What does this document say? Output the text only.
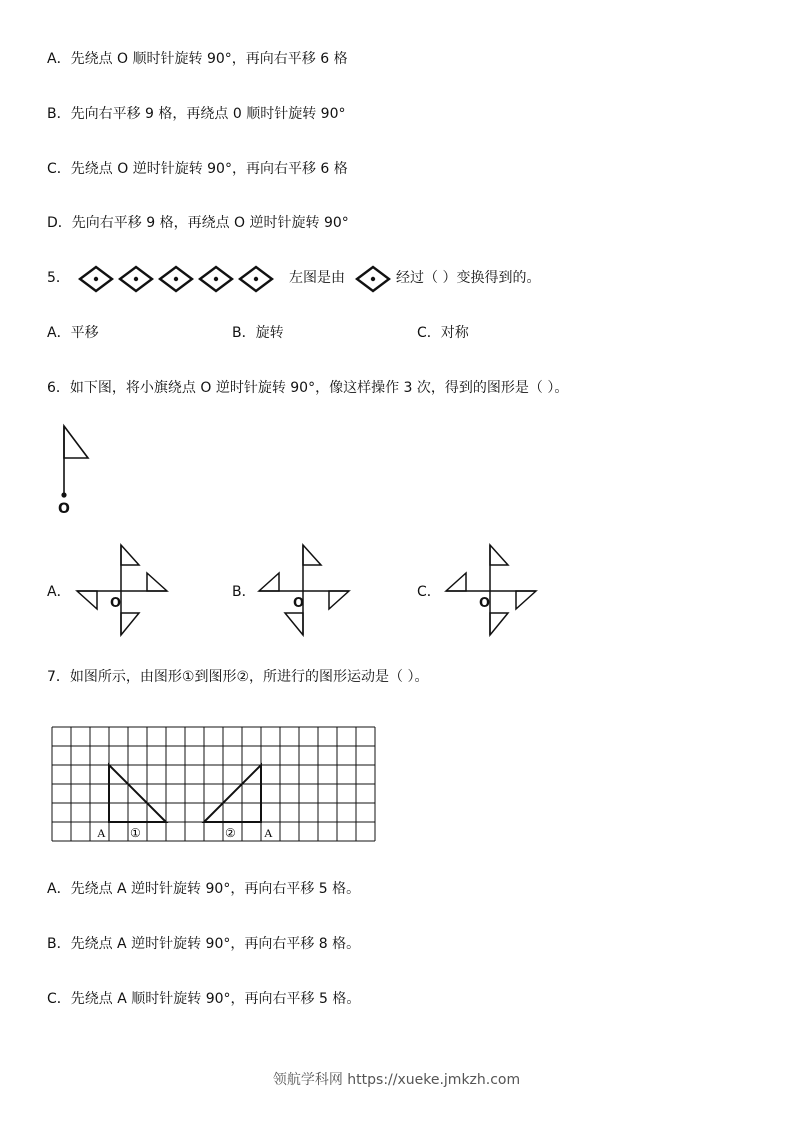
A．先绕点 O 顺时针旋转 90°，再向右平移 6 格
B．先向右平移 9 格，再绕点 0 顺时针旋转 90°
C．先绕点 O 逆时针旋转 90°，再向右平移 6 格
D．先向右平移 9 格，再绕点 O 逆时针旋转 90°
5．	左图是由	经过（ ）变换得到的。
A．平移	B．旋转	C．对称
6．如下图，将小旗绕点 O 逆时针旋转 90°，像这样操作 3 次，得到的图形是（ ）。
O
A．
O
B．
O
C．
O
7．如图所示，由图形①到图形②，所进行的图形运动是（ ）。
A ①	② A
A．先绕点 A 逆时针旋转 90°，再向右平移 5 格。
B．先绕点 A 逆时针旋转 90°，再向右平移 8 格。
C．先绕点 A 顺时针旋转 90°，再向右平移 5 格。
领航学科网 https://xueke.jmkzh.com
